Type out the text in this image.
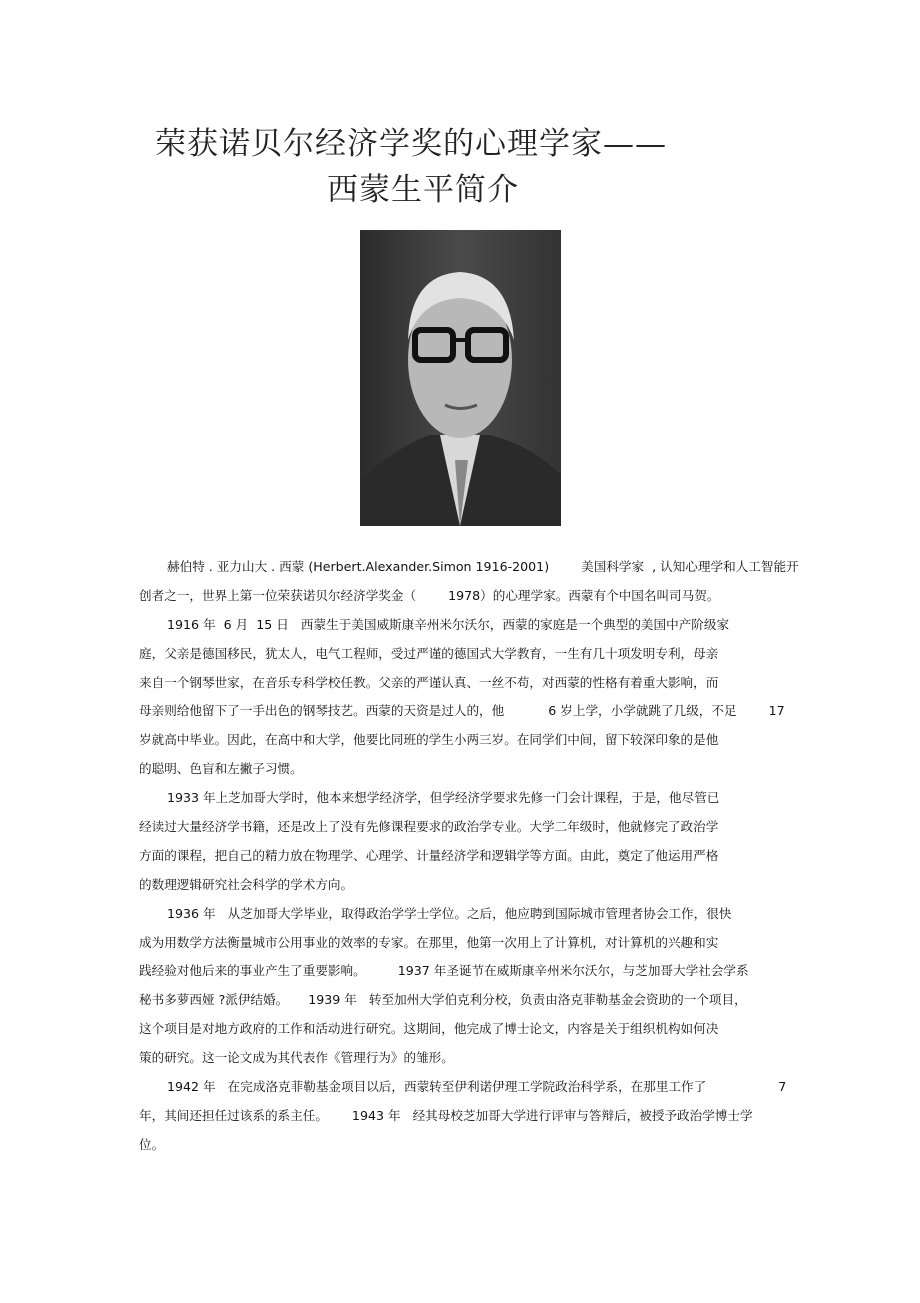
荣获诺贝尔经济学奖的心理学家——
西蒙生平简介
赫伯特 . 亚力山大 . 西蒙 (Herbert.Alexander.Simon 1916-2001)        美国科学家  , 认知心理学和人工智能开
创者之一，世界上第一位荣获诺贝尔经济学奖金（        1978）的心理学家。西蒙有个中国名叫司马贺。
1916 年  6 月  15 日   西蒙生于美国威斯康辛州米尔沃尔，西蒙的家庭是一个典型的美国中产阶级家
庭，父亲是德国移民，犹太人，电气工程师，受过严谨的德国式大学教育，一生有几十项发明专利，母亲
来自一个钢琴世家，在音乐专科学校任教。父亲的严谨认真、一丝不苟，对西蒙的性格有着重大影响，而
母亲则给他留下了一手出色的钢琴技艺。西蒙的天资是过人的，他           6 岁上学，小学就跳了几级，不足        17
岁就高中毕业。因此，在高中和大学，他要比同班的学生小两三岁。在同学们中间，留下较深印象的是他
的聪明、色盲和左撇子习惯。
1933 年上芝加哥大学时，他本来想学经济学，但学经济学要求先修一门会计课程，于是，他尽管已
经读过大量经济学书籍，还是改上了没有先修课程要求的政治学专业。大学二年级时，他就修完了政治学
方面的课程，把自己的精力放在物理学、心理学、计量经济学和逻辑学等方面。由此，奠定了他运用严格
的数理逻辑研究社会科学的学术方向。
1936 年   从芝加哥大学毕业，取得政治学学士学位。之后，他应聘到国际城市管理者协会工作，很快
成为用数学方法衡量城市公用事业的效率的专家。在那里，他第一次用上了计算机，对计算机的兴趣和实
践经验对他后来的事业产生了重要影响。        1937 年圣诞节在威斯康辛州米尔沃尔，与芝加哥大学社会学系
秘书多萝西娅 ?派伊结婚。     1939 年   转至加州大学伯克利分校，负责由洛克菲勒基金会资助的一个项目，
这个项目是对地方政府的工作和活动进行研究。这期间，他完成了博士论文，内容是关于组织机构如何决
策的研究。这一论文成为其代表作《管理行为》的雏形。
1942 年   在完成洛克菲勒基金项目以后，西蒙转至伊利诺伊理工学院政治科学系，在那里工作了                  7
年，其间还担任过该系的系主任。      1943 年   经其母校芝加哥大学进行评审与答辩后，被授予政治学博士学
位。
